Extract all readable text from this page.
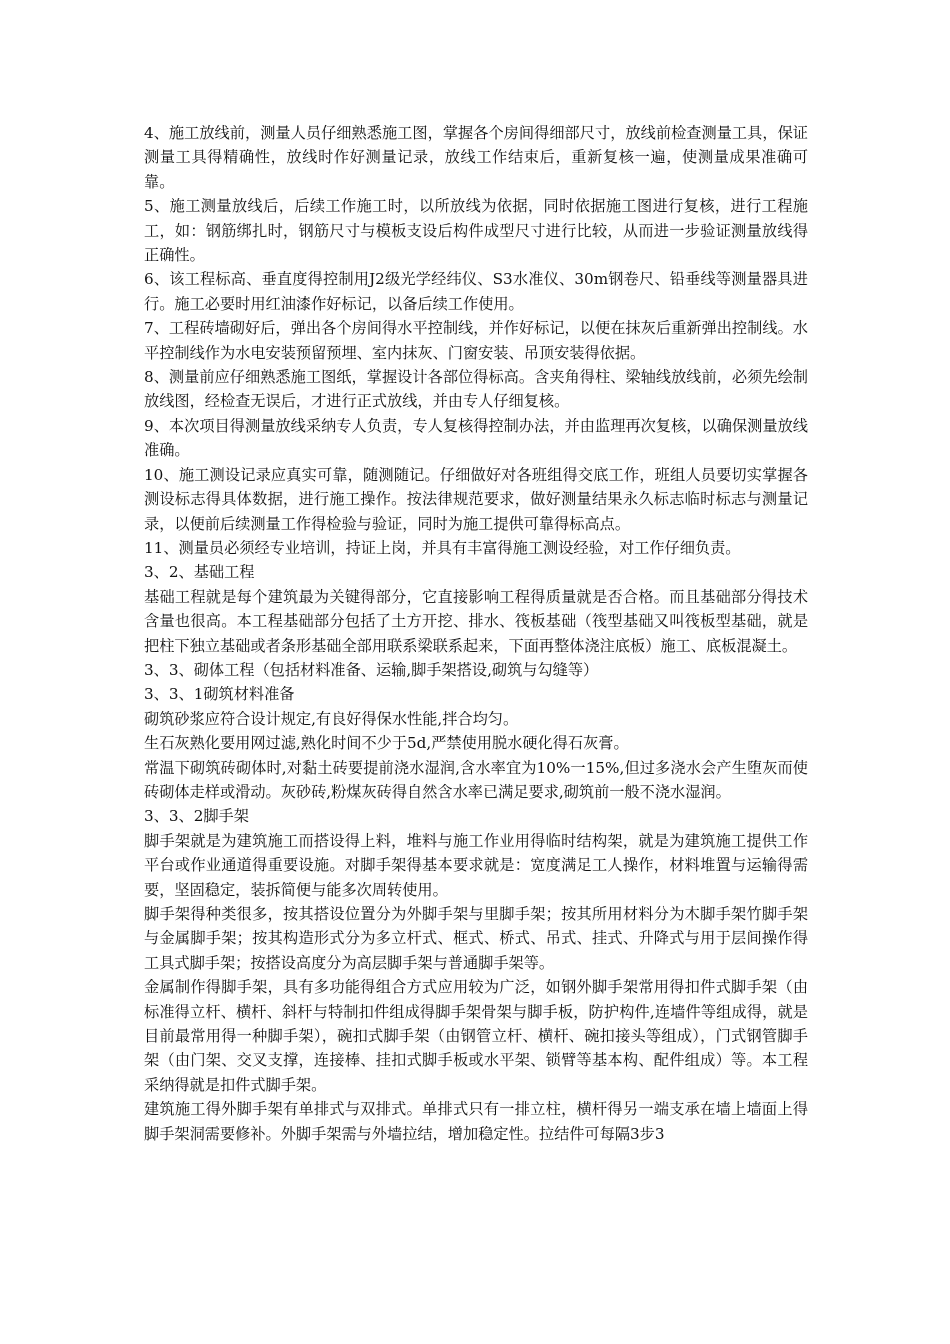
4、施工放线前，测量人员仔细熟悉施工图，掌握各个房间得细部尺寸，放线前检查测量工具，保证测量工具得精确性，放线时作好测量记录，放线工作结束后，重新复核一遍，使测量成果准确可靠。

5、施工测量放线后，后续工作施工时，以所放线为依据，同时依据施工图进行复核，进行工程施工，如：钢筋绑扎时，钢筋尺寸与模板支设后构件成型尺寸进行比较，从而进一步验证测量放线得正确性。

6、该工程标高、垂直度得控制用J2级光学经纬仪、S3水准仪、30m钢卷尺、铅垂线等测量器具进行。施工必要时用红油漆作好标记，以备后续工作使用。

7、工程砖墙砌好后，弹出各个房间得水平控制线，并作好标记，以便在抹灰后重新弹出控制线。水平控制线作为水电安装预留预埋、室内抹灰、门窗安装、吊顶安装得依据。

8、测量前应仔细熟悉施工图纸，掌握设计各部位得标高。含夹角得柱、梁轴线放线前，必须先绘制放线图，经检查无误后，才进行正式放线，并由专人仔细复核。

9、本次项目得测量放线采纳专人负责，专人复核得控制办法，并由监理再次复核，以确保测量放线准确。

10、施工测设记录应真实可靠，随测随记。仔细做好对各班组得交底工作，班组人员要切实掌握各测设标志得具体数据，进行施工操作。按法律规范要求，做好测量结果永久标志临时标志与测量记录，以便前后续测量工作得检验与验证，同时为施工提供可靠得标高点。

11、测量员必须经专业培训，持证上岗，并具有丰富得施工测设经验，对工作仔细负责。

3、2、基础工程

基础工程就是每个建筑最为关键得部分，它直接影响工程得质量就是否合格。而且基础部分得技术含量也很高。本工程基础部分包括了土方开挖、排水、筏板基础（筏型基础又叫筏板型基础，就是把柱下独立基础或者条形基础全部用联系梁联系起来，下面再整体浇注底板）施工、底板混凝土。

3、3、砌体工程（包括材料准备、运输,脚手架搭设,砌筑与勾缝等）

3、3、1砌筑材料准备

砌筑砂浆应符合设计规定,有良好得保水性能,拌合均匀。

生石灰熟化要用网过滤,熟化时间不少于5d,严禁使用脱水硬化得石灰膏。

常温下砌筑砖砌体时,对黏土砖要提前浇水湿润,含水率宜为10%一15%,但过多浇水会产生堕灰而使砖砌体走样或滑动。灰砂砖,粉煤灰砖得自然含水率已满足要求,砌筑前一般不浇水湿润。

3、3、2脚手架

脚手架就是为建筑施工而搭设得上料，堆料与施工作业用得临时结构架，就是为建筑施工提供工作平台或作业通道得重要设施。对脚手架得基本要求就是：宽度满足工人操作，材料堆置与运输得需要，坚固稳定，装拆简便与能多次周转使用。

脚手架得种类很多，按其搭设位置分为外脚手架与里脚手架；按其所用材料分为木脚手架竹脚手架与金属脚手架；按其构造形式分为多立杆式、框式、桥式、吊式、挂式、升降式与用于层间操作得工具式脚手架；按搭设高度分为高层脚手架与普通脚手架等。

金属制作得脚手架，具有多功能得组合方式应用较为广泛，如钢外脚手架常用得扣件式脚手架（由标准得立杆、横杆、斜杆与特制扣件组成得脚手架骨架与脚手板，防护构件,连墙件等组成得，就是目前最常用得一种脚手架），碗扣式脚手架（由钢管立杆、横杆、碗扣接头等组成），门式钢管脚手架（由门架、交叉支撑，连接棒、挂扣式脚手板或水平架、锁臂等基本构、配件组成）等。本工程采纳得就是扣件式脚手架。

建筑施工得外脚手架有单排式与双排式。单排式只有一排立柱，横杆得另一端支承在墙上墙面上得脚手架洞需要修补。外脚手架需与外墙拉结，增加稳定性。拉结件可每隔3步3
